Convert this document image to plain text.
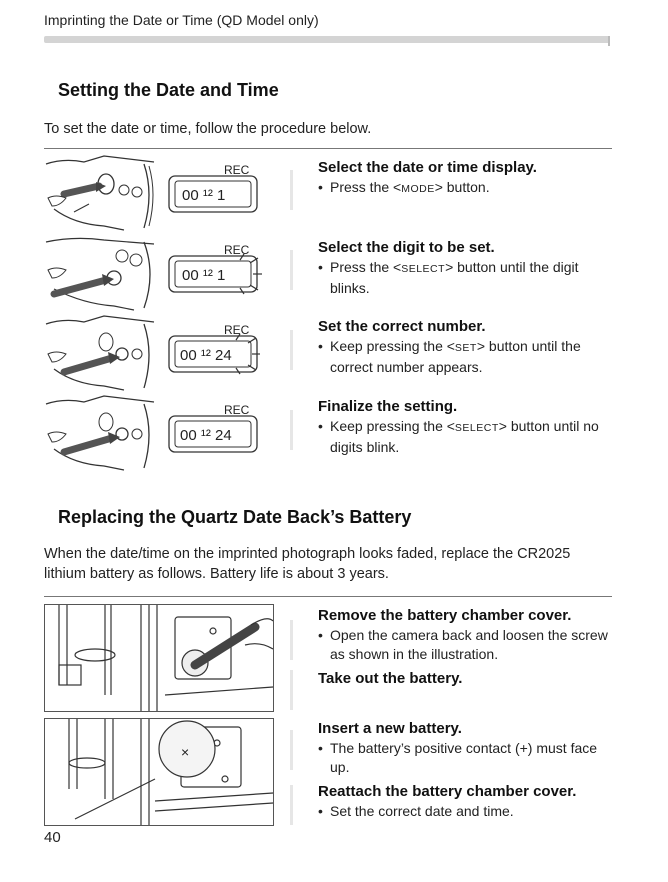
Imprinting the Date or Time (QD Model only)
Setting the Date and Time
To set the date or time, follow the procedure below.
REC
00 ¹² 1
REC
00 ¹² 1
REC
00 ¹² 24
REC
00 ¹² 24
Select the date or time display.
• Press the <MODE> button.
Select the digit to be set.
• Press the <SELECT> button until the digit blinks.
Set the correct number.
• Keep pressing the <SET> button until the correct number appears.
Finalize the setting.
• Keep pressing the <SELECT> button until no digits blink.
Replacing the Quartz Date Back’s Battery
When the date/time on the imprinted photograph looks faded, replace the CR2025 lithium battery as follows. Battery life is about 3 years.
×
Remove the battery chamber cover.
• Open the camera back and loosen the screw as shown in the illustration.
Take out the battery.
Insert a new battery.
• The battery’s positive contact (+) must face up.
Reattach the battery chamber cover.
• Set the correct date and time.
40
